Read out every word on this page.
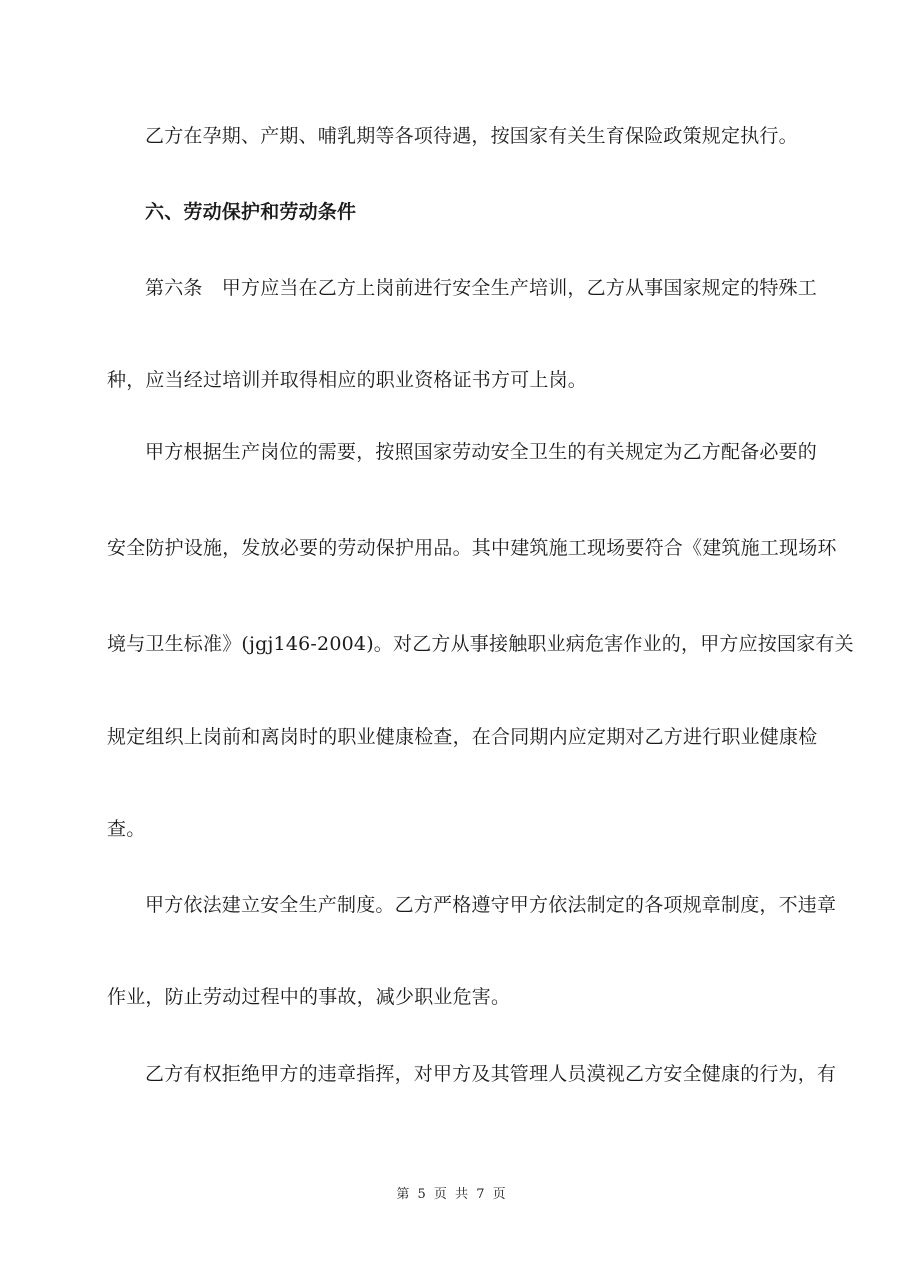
乙方在孕期、产期、哺乳期等各项待遇，按国家有关生育保险政策规定执行。
六、劳动保护和劳动条件
第六条　甲方应当在乙方上岗前进行安全生产培训，乙方从事国家规定的特殊工
种，应当经过培训并取得相应的职业资格证书方可上岗。
甲方根据生产岗位的需要，按照国家劳动安全卫生的有关规定为乙方配备必要的
安全防护设施，发放必要的劳动保护用品。其中建筑施工现场要符合《建筑施工现场环
境与卫生标准》(jgj146-2004)。对乙方从事接触职业病危害作业的，甲方应按国家有关
规定组织上岗前和离岗时的职业健康检查，在合同期内应定期对乙方进行职业健康检
查。
甲方依法建立安全生产制度。乙方严格遵守甲方依法制定的各项规章制度，不违章
作业，防止劳动过程中的事故，减少职业危害。
乙方有权拒绝甲方的违章指挥，对甲方及其管理人员漠视乙方安全健康的行为，有
第 5 页 共 7 页
